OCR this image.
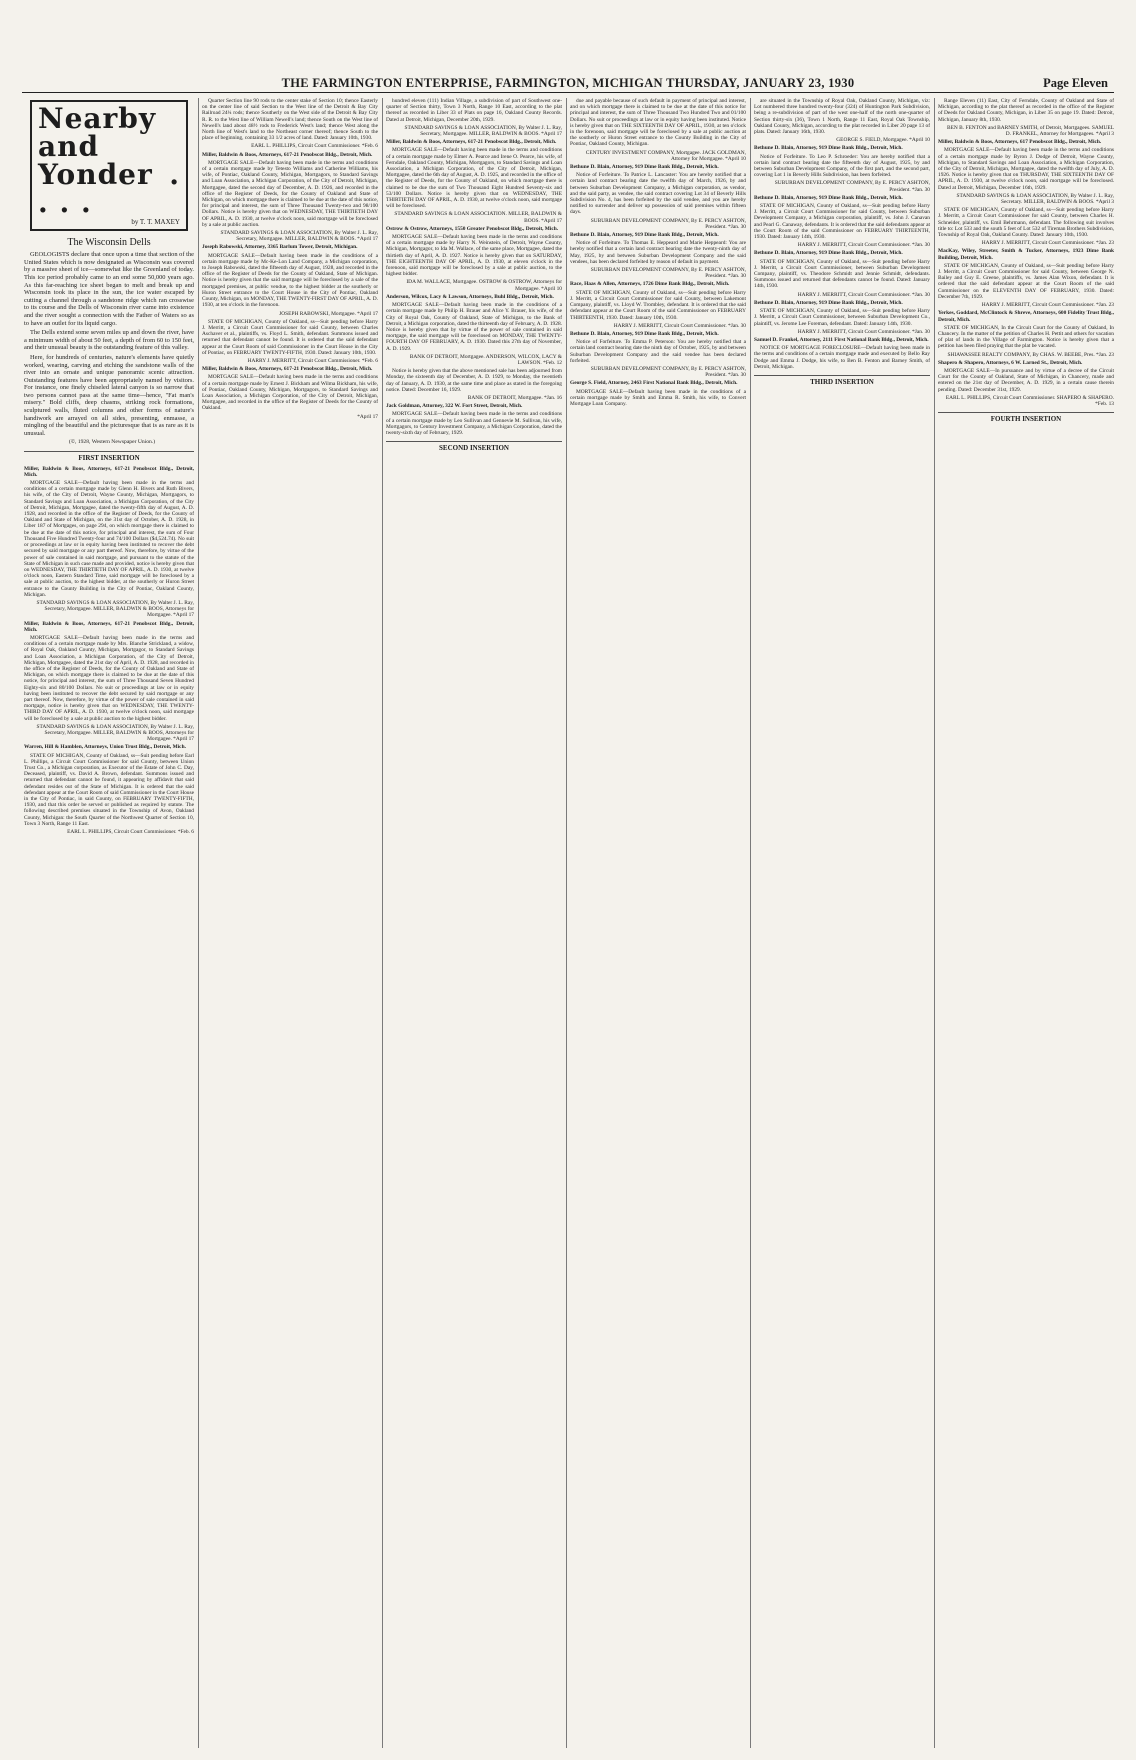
THE FARMINGTON ENTERPRISE, FARMINGTON, MICHIGAN THURSDAY, JANUARY 23, 1930	Page Eleven
Nearby and
Yonder . . . .
by T. T. MAXEY
The Wisconsin Dells

GEOLOGISTS declare that once upon a time that section of the United States which is now designated as Wisconsin was covered by a massive sheet of ice—somewhat like the Greenland of today. This ice period probably came to an end some 50,000 years ago. As this far-reaching ice sheet began to melt and break up and Wisconsin took its place in the sun, the ice water escaped by cutting a channel through a sandstone ridge which ran crosswise to its course and the Dells of Wisconsin river came into existence and the river sought a connection with the Father of Waters so as to have an outlet for its liquid cargo.

The Dells extend some seven miles up and down the river, have a minimum width of about 50 feet, a depth of from 60 to 150 feet, and their unusual beauty is the outstanding feature of this valley.

Here, for hundreds of centuries, nature's elements have quietly worked, wearing, carving and etching the sandstone walls of the river into an ornate and unique panoramic scenic attraction. Outstanding features have been appropriately named by visitors. For instance, one finely chiseled lateral canyon is so narrow that two persons cannot pass at the same time—hence, "Fat man's misery." Bold cliffs, deep chasms, striking rock formations, sculptured walls, fluted columns and other forms of nature's handiwork are arrayed on all sides, presenting, enmasse, a mingling of the beautiful and the picturesque that is as rare as it is unusual.

(©, 1928, Western Newspaper Union.)

FIRST INSERTION

Miller, Baldwin & Boos, Attorneys, 617-21 Penobscot Bldg., Detroit, Mich.

MORTGAGE SALE—Default having been made in the terms and conditions of a certain mortgage made by Glenn H. Bivers and Ruth Bivers, his wife, of the City of Detroit, Wayne County, Michigan, Mortgagors, to Standard Savings and Loan Association, a Michigan Corporation, of the City of Detroit, Michigan, Mortgagee, dated the twenty-fifth day of August, A. D. 1928, and recorded in the office of the Register of Deeds, for the County of Oakland and State of Michigan, on the 31st day of October, A. D. 1928, in Liber 187 of Mortgages, on page 294, on which mortgage there is claimed to be due at the date of this notice, for principal and interest, the sum of Four Thousand Five Hundred Twenty-four and 74/100 Dollars ($4,524.74). No suit or proceedings at law or in equity having been instituted to recover the debt secured by said mortgage or any part thereof. Now, therefore, by virtue of the power of sale contained in said mortgage, and pursuant to the statute of the State of Michigan in such case made and provided, notice is hereby given that on WEDNESDAY, THE THIRTIETH DAY OF APRIL, A. D. 1930, at twelve o'clock noon, Eastern Standard Time, said mortgage will be foreclosed by a sale at public auction, to the highest bidder, at the southerly or Huron Street entrance to the County Building in the City of Pontiac, Oakland County, Michigan.

STANDARD SAVINGS & LOAN ASSOCIATION, By Walter J. L. Ray, Secretary, Mortgagee. MILLER, BALDWIN & BOOS, Attorneys for Mortgagee. *April 17

Miller, Baldwin & Boos, Attorneys, 617-21 Penobscot Bldg., Detroit, Mich.

MORTGAGE SALE—Default having been made in the terms and conditions of a certain mortgage made by Mrs. Blanche Strickland, a widow, of Royal Oak, Oakland County, Michigan, Mortgagor, to Standard Savings and Loan Association, a Michigan Corporation, of the City of Detroit, Michigan, Mortgagee, dated the 21st day of April, A. D. 1928, and recorded in the office of the Register of Deeds, for the County of Oakland and State of Michigan, on which mortgage there is claimed to be due at the date of this notice, for principal and interest, the sum of Three Thousand Seven Hundred Eighty-six and 80/100 Dollars. No suit or proceedings at law or in equity having been instituted to recover the debt secured by said mortgage or any part thereof. Now, therefore, by virtue of the power of sale contained in said mortgage, notice is hereby given that on WEDNESDAY, THE TWENTY-THIRD DAY OF APRIL, A. D. 1930, at twelve o'clock noon, said mortgage will be foreclosed by a sale at public auction to the highest bidder.

STANDARD SAVINGS & LOAN ASSOCIATION, By Walter J. L. Ray, Secretary, Mortgagee. MILLER, BALDWIN & BOOS, Attorneys for Mortgagee. *April 17

Warren, Hill & Hamblen, Attorneys, Union Trust Bldg., Detroit, Mich.

STATE OF MICHIGAN, County of Oakland, ss—Suit pending before Earl L. Phillips, a Circuit Court Commissioner for said County, between Union Trust Co., a Michigan corporation, as Executor of the Estate of John C. Day, Deceased, plaintiff, vs. David A. Brown, defendant. Summons issued and returned that defendant cannot be found, it appearing by affidavit that said defendant resides out of the State of Michigan. It is ordered that the said defendant appear at the Court Room of said Commissioner in the Court House in the City of Pontiac, in said County, on FEBRUARY TWENTY-FIFTH, 1930, and that this order be served or published as required by statute. The following described premises situated in the Township of Avon, Oakland County, Michigan: the South Quarter of the Northwest Quarter of Section 10, Town 3 North, Range 11 East.

EARL L. PHILLIPS, Circuit Court Commissioner. *Feb. 6

Quarter Section line 90 rods to the center stake of Section 10; thence Easterly on the center line of said Section to the West line of the Detroit & Bay City Railroad 24¼ rods; thence Southerly on the West side of the Detroit & Bay City R. R. to the West line of William Newell's land; thence South on the West line of Newell's land about 48½ rods to Frederick West's land; thence West along the North line of West's land to the Northeast corner thereof; thence South to the place of beginning, containing 33 1/2 acres of land. Dated: January 10th, 1930.

EARL L. PHILLIPS, Circuit Court Commissioner. *Feb. 6

Miller, Baldwin & Boos, Attorneys, 617-21 Penobscot Bldg., Detroit, Mich.

MORTGAGE SALE—Default having been made in the terms and conditions of a certain mortgage made by Tetesto Williams and Catherine Williams, his wife, of Pontiac, Oakland County, Michigan, Mortgagors, to Standard Savings and Loan Association, a Michigan Corporation, of the City of Detroit, Michigan, Mortgagee, dated the second day of December, A. D. 1926, and recorded in the office of the Register of Deeds, for the County of Oakland and State of Michigan, on which mortgage there is claimed to be due at the date of this notice, for principal and interest, the sum of Three Thousand Twenty-two and 98/100 Dollars. Notice is hereby given that on WEDNESDAY, THE THIRTIETH DAY OF APRIL, A. D. 1930, at twelve o'clock noon, said mortgage will be foreclosed by a sale at public auction.

STANDARD SAVINGS & LOAN ASSOCIATION, By Walter J. L. Ray, Secretary, Mortgagee. MILLER, BALDWIN & BOOS. *April 17

Joseph Rabowski, Attorney, 3365 Barlum Tower, Detroit, Michigan.

MORTGAGE SALE—Default having been made in the conditions of a certain mortgage made by Mc-Ke-Lon Land Company, a Michigan corporation, to Joseph Rabowski, dated the fifteenth day of August, 1928, and recorded in the office of the Register of Deeds for the County of Oakland, State of Michigan. Notice is hereby given that the said mortgage will be foreclosed by a sale of the mortgaged premises, at public vendue, to the highest bidder at the southerly or Huron Street entrance to the Court House in the City of Pontiac, Oakland County, Michigan, on MONDAY, THE TWENTY-FIRST DAY OF APRIL, A. D. 1930, at ten o'clock in the forenoon.

JOSEPH RABOWSKI, Mortgagee. *April 17

STATE OF MICHIGAN, County of Oakland, ss—Suit pending before Harry J. Merritt, a Circuit Court Commissioner for said County, between Charles Aschaver et al., plaintiffs, vs. Floyd L. Smith, defendant. Summons issued and returned that defendant cannot be found. It is ordered that the said defendant appear at the Court Room of said Commissioner in the Court House in the City of Pontiac, on FEBRUARY TWENTY-FIFTH, 1930. Dated: January 10th, 1930.

HARRY J. MERRITT, Circuit Court Commissioner. *Feb. 6

Miller, Baldwin & Boos, Attorneys, 617-21 Penobscot Bldg., Detroit, Mich.

MORTGAGE SALE—Default having been made in the terms and conditions of a certain mortgage made by Ernest J. Bickham and Wilma Bickham, his wife, of Pontiac, Oakland County, Michigan, Mortgagors, to Standard Savings and Loan Association, a Michigan Corporation, of the City of Detroit, Michigan, Mortgagee, and recorded in the office of the Register of Deeds for the County of Oakland.

*April 17

hundred eleven (111) Indian Village, a subdivision of part of Southwest one-quarter of Section thirty, Town 3 North, Range 10 East, according to the plat thereof as recorded in Liber 33 of Plats on page 16, Oakland County Records. Dated at Detroit, Michigan, December 20th, 1929.

STANDARD SAVINGS & LOAN ASSOCIATION, By Walter J. L. Ray, Secretary, Mortgagee. MILLER, BALDWIN & BOOS. *April 17

Miller, Baldwin & Boos, Attorneys, 617-21 Penobscot Bldg., Detroit, Mich.

MORTGAGE SALE—Default having been made in the terms and conditions of a certain mortgage made by Elmer A. Pearce and Irene O. Pearce, his wife, of Ferndale, Oakland County, Michigan, Mortgagors, to Standard Savings and Loan Association, a Michigan Corporation, of the City of Detroit, Michigan, Mortgagee, dated the 6th day of August, A. D. 1925, and recorded in the office of the Register of Deeds, for the County of Oakland, on which mortgage there is claimed to be due the sum of Two Thousand Eight Hundred Seventy-six and 53/100 Dollars. Notice is hereby given that on WEDNESDAY, THE THIRTIETH DAY OF APRIL, A. D. 1930, at twelve o'clock noon, said mortgage will be foreclosed.

STANDARD SAVINGS & LOAN ASSOCIATION. MILLER, BALDWIN & BOOS. *April 17

Ostrow & Ostrow, Attorneys, 1550 Greater Penobscot Bldg., Detroit, Mich.

MORTGAGE SALE—Default having been made in the terms and conditions of a certain mortgage made by Harry N. Weinstein, of Detroit, Wayne County, Michigan, Mortgagor, to Ida M. Wallace, of the same place, Mortgagee, dated the thirtieth day of April, A. D. 1927. Notice is hereby given that on SATURDAY, THE EIGHTEENTH DAY OF APRIL, A. D. 1930, at eleven o'clock in the forenoon, said mortgage will be foreclosed by a sale at public auction, to the highest bidder.

IDA M. WALLACE, Mortgagee. OSTROW & OSTROW, Attorneys for Mortgagee. *April 10

Anderson, Wilcox, Lacy & Lawson, Attorneys, Buhl Bldg., Detroit, Mich.

MORTGAGE SALE—Default having been made in the conditions of a certain mortgage made by Philip H. Brauer and Alice Y. Brauer, his wife, of the City of Royal Oak, County of Oakland, State of Michigan, to the Bank of Detroit, a Michigan corporation, dated the thirteenth day of February, A. D. 1928. Notice is hereby given that by virtue of the power of sale contained in said mortgage, the said mortgage will be foreclosed on MONDAY, THE TWENTY-FOURTH DAY OF FEBRUARY, A. D. 1930. Dated this 27th day of November, A. D. 1929.

BANK OF DETROIT, Mortgagee. ANDERSON, WILCOX, LACY & LAWSON. *Feb. 12

Notice is hereby given that the above mentioned sale has been adjourned from Monday, the sixteenth day of December, A. D. 1929, to Monday, the twentieth day of January, A. D. 1930, at the same time and place as stated in the foregoing notice. Dated: December 16, 1929.

BANK OF DETROIT, Mortgagee. *Jan. 16

Jack Goldman, Attorney, 322 W. Fort Street, Detroit, Mich.

MORTGAGE SALE—Default having been made in the terms and conditions of a certain mortgage made by Leo Sullivan and Gennevie M. Sullivan, his wife, Mortgagors, to Century Investment Company, a Michigan Corporation, dated the twenty-sixth day of February, 1929.

SECOND INSERTION

due and payable because of such default in payment of principal and interest, and on which mortgage there is claimed to be due at the date of this notice for principal and interest, the sum of Three Thousand Two Hundred Two and 01/100 Dollars. No suit or proceedings at law or in equity having been instituted. Notice is hereby given that on THE SIXTEENTH DAY OF APRIL, 1930, at ten o'clock in the forenoon, said mortgage will be foreclosed by a sale at public auction at the southerly or Huron Street entrance to the County Building in the City of Pontiac, Oakland County, Michigan.

CENTURY INVESTMENT COMPANY, Mortgagee. JACK GOLDMAN, Attorney for Mortgagee. *April 10

Bethune D. Blain, Attorney, 919 Dime Bank Bldg., Detroit, Mich.

Notice of Forfeiture. To Patrice L. Lancaster: You are hereby notified that a certain land contract bearing date the twelfth day of March, 1926, by and between Suburban Development Company, a Michigan corporation, as vendor, and the said party, as vendee, the said contract covering Lot 34 of Beverly Hills Subdivision No. 4, has been forfeited by the said vendee, and you are hereby notified to surrender and deliver up possession of said premises within fifteen days.

SUBURBAN DEVELOPMENT COMPANY, By E. PERCY ASHTON, President. *Jan. 30

Bethune D. Blain, Attorney, 919 Dime Bank Bldg., Detroit, Mich.

Notice of Forfeiture. To Thomas E. Heppeard and Marie Heppeard: You are hereby notified that a certain land contract bearing date the twenty-ninth day of May, 1925, by and between Suburban Development Company and the said vendees, has been declared forfeited by reason of default in payment.

SUBURBAN DEVELOPMENT COMPANY, By E. PERCY ASHTON, President. *Jan. 30

Race, Haas & Allen, Attorneys, 1726 Dime Bank Bldg., Detroit, Mich.

STATE OF MICHIGAN, County of Oakland, ss—Suit pending before Harry J. Merritt, a Circuit Court Commissioner for said County, between Lakemont Company, plaintiff, vs. Lloyd W. Trombley, defendant. It is ordered that the said defendant appear at the Court Room of the said Commissioner on FEBRUARY THIRTEENTH, 1930. Dated: January 10th, 1930.

HARRY J. MERRITT, Circuit Court Commissioner. *Jan. 30

Bethune D. Blain, Attorney, 919 Dime Bank Bldg., Detroit, Mich.

Notice of Forfeiture. To Emma P. Peterson: You are hereby notified that a certain land contract bearing date the ninth day of October, 1925, by and between Suburban Development Company and the said vendee has been declared forfeited.

SUBURBAN DEVELOPMENT COMPANY, By E. PERCY ASHTON, President. *Jan. 30

George S. Field, Attorney, 2463 First National Bank Bldg., Detroit, Mich.

MORTGAGE SALE—Default having been made in the conditions of a certain mortgage made by Smith and Emma R. Smith, his wife, to Convert Mortgage Loan Company.

are situated in the Township of Royal Oak, Oakland County, Michigan, viz: Lot numbered three hundred twenty-four (324) of Huntington Park Subdivision, being a re-subdivision of part of the west one-half of the north one-quarter of Section thirty-six (36), Town 1 North, Range 11 East, Royal Oak Township, Oakland County, Michigan, according to the plat recorded in Liber 20 page 13 of plats. Dated: January 16th, 1930.

GEORGE S. FIELD, Mortgagee. *April 10

Bethune D. Blain, Attorney, 919 Dime Bank Bldg., Detroit, Mich.

Notice of Forfeiture. To Leo P. Schroeder: You are hereby notified that a certain land contract bearing date the fifteenth day of August, 1925, by and between Suburban Development Company, of the first part, and the second part, covering Lot 1 in Beverly Hills Subdivision, has been forfeited.

SUBURBAN DEVELOPMENT COMPANY, By E. PERCY ASHTON, President. *Jan. 30

Bethune D. Blain, Attorney, 919 Dime Bank Bldg., Detroit, Mich.

STATE OF MICHIGAN, County of Oakland, ss—Suit pending before Harry J. Merritt, a Circuit Court Commissioner for said County, between Suburban Development Company, a Michigan corporation, plaintiff, vs. John J. Canavan and Pearl G. Canaway, defendants. It is ordered that the said defendants appear at the Court Room of the said Commissioner on FEBRUARY THIRTEENTH, 1930. Dated: January 14th, 1930.

HARRY J. MERRITT, Circuit Court Commissioner. *Jan. 30

Bethune D. Blain, Attorney, 919 Dime Bank Bldg., Detroit, Mich.

STATE OF MICHIGAN, County of Oakland, ss—Suit pending before Harry J. Merritt, a Circuit Court Commissioner, between Suburban Development Company, plaintiff, vs. Theodore Schmidt and Jennie Schmidt, defendants. Summons issued and returned that defendants cannot be found. Dated: January 14th, 1930.

HARRY J. MERRITT, Circuit Court Commissioner. *Jan. 30

Bethune D. Blain, Attorney, 919 Dime Bank Bldg., Detroit, Mich.

STATE OF MICHIGAN, County of Oakland, ss—Suit pending before Harry J. Merritt, a Circuit Court Commissioner, between Suburban Development Co., plaintiff, vs. Jerome Lee Foreman, defendant. Dated: January 14th, 1930.

HARRY J. MERRITT, Circuit Court Commissioner. *Jan. 30

Samuel D. Frankel, Attorney, 2111 First National Bank Bldg., Detroit, Mich.

NOTICE OF MORTGAGE FORECLOSURE—Default having been made in the terms and conditions of a certain mortgage made and executed by Bello Ray Dodge and Emma J. Dodge, his wife, to Ben B. Fenton and Barney Smith, of Detroit, Michigan.

THIRD INSERTION

Range Eleven (11) East, City of Ferndale, County of Oakland and State of Michigan, according to the plat thereof as recorded in the office of the Register of Deeds for Oakland County, Michigan, in Liber 35 on page 19. Dated: Detroit, Michigan, January 8th, 1930.

BEN B. FENTON and BARNEY SMITH, of Detroit, Mortgagees. SAMUEL D. FRANKEL, Attorney for Mortgagees. *April 3

Miller, Baldwin & Boos, Attorneys, 617 Penobscot Bldg., Detroit, Mich.

MORTGAGE SALE—Default having been made in the terms and conditions of a certain mortgage made by Byron J. Dodge of Detroit, Wayne County, Michigan, to Standard Savings and Loan Association, a Michigan Corporation, of the City of Detroit, Michigan, Mortgagee, dated the twelfth day of July, A. D. 1926. Notice is hereby given that on THURSDAY, THE SIXTEENTH DAY OF APRIL, A. D. 1930, at twelve o'clock noon, said mortgage will be foreclosed. Dated at Detroit, Michigan, December 16th, 1929.

STANDARD SAVINGS & LOAN ASSOCIATION, By Walter J. L. Ray, Secretary. MILLER, BALDWIN & BOOS. *April 3

STATE OF MICHIGAN, County of Oakland, ss—Suit pending before Harry J. Merritt, a Circuit Court Commissioner for said County, between Charles H. Schneider, plaintiff, vs. Emil Behrmann, defendant. The following suit involves title to: Lot 533 and the south 5 feet of Lot 532 of Tireman Brothers Subdivision, Township of Royal Oak, Oakland County. Dated: January 10th, 1930.

HARRY J. MERRITT, Circuit Court Commissioner. *Jan. 23

MacKay, Wiley, Streeter, Smith & Tucker, Attorneys, 1923 Dime Bank Building, Detroit, Mich.

STATE OF MICHIGAN, County of Oakland, ss—Suit pending before Harry J. Merritt, a Circuit Court Commissioner for said County, between George N. Bailey and Guy E. Greene, plaintiffs, vs. James Alan Wixon, defendant. It is ordered that the said defendant appear at the Court Room of the said Commissioner on the ELEVENTH DAY OF FEBRUARY, 1930. Dated: December 7th, 1929.

HARRY J. MERRITT, Circuit Court Commissioner. *Jan. 23

Yerkes, Goddard, McClintock & Shreve, Attorneys, 600 Fidelity Trust Bldg., Detroit, Mich.

STATE OF MICHIGAN, In the Circuit Court for the County of Oakland, In Chancery. In the matter of the petition of Charles H. Pettit and others for vacation of plat of lands in the Village of Farmington. Notice is hereby given that a petition has been filed praying that the plat be vacated.

SHIAWASSEE REALTY COMPANY, By CHAS. W. BEEBE, Pres. *Jan. 23

Shapero & Shapero, Attorneys, 6 W. Larned St., Detroit, Mich.

MORTGAGE SALE—In pursuance and by virtue of a decree of the Circuit Court for the County of Oakland, State of Michigan, in Chancery, made and entered on the 21st day of December, A. D. 1929, in a certain cause therein pending. Dated: December 31st, 1929.

EARL L. PHILLIPS, Circuit Court Commissioner. SHAPERO & SHAPERO. *Feb. 13

FOURTH INSERTION
